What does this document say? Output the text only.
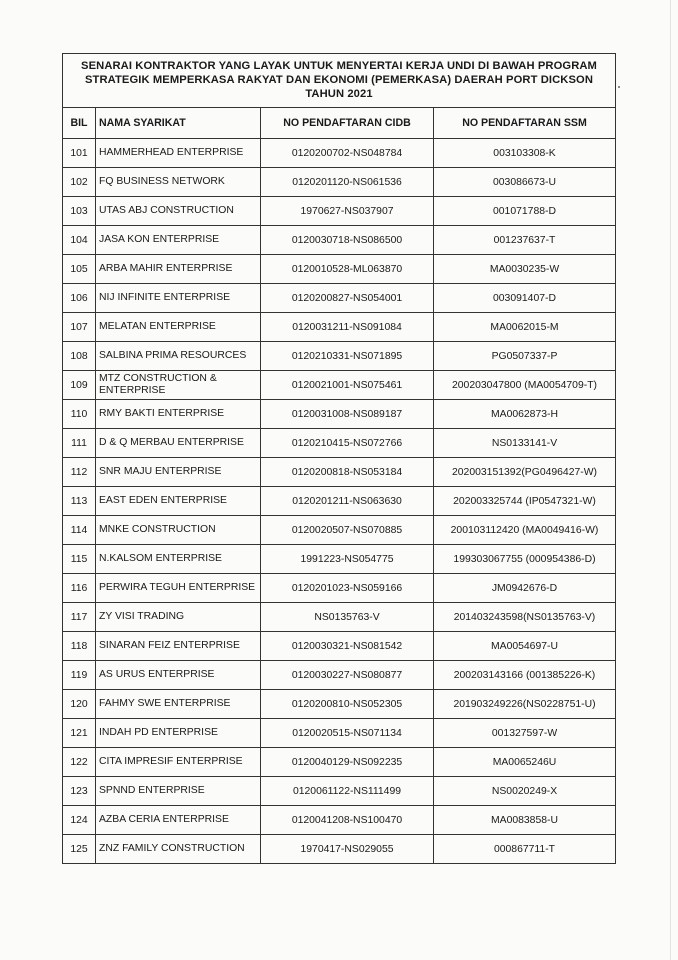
SENARAI KONTRAKTOR YANG LAYAK UNTUK MENYERTAI KERJA UNDI DI BAWAH PROGRAM
STRATEGIK MEMPERKASA RAKYAT DAN EKONOMI (PEMERKASA) DAERAH PORT DICKSON
TAHUN 2021
BIL	NAMA SYARIKAT	NO PENDAFTARAN CIDB	NO PENDAFTARAN SSM
101	HAMMERHEAD ENTERPRISE	0120200702-NS048784	003103308-K
102	FQ BUSINESS NETWORK	0120201120-NS061536	003086673-U
103	UTAS ABJ CONSTRUCTION	1970627-NS037907	001071788-D
104	JASA KON ENTERPRISE	0120030718-NS086500	001237637-T
105	ARBA MAHIR ENTERPRISE	0120010528-ML063870	MA0030235-W
106	NIJ INFINITE ENTERPRISE	0120200827-NS054001	003091407-D
107	MELATAN ENTERPRISE	0120031211-NS091084	MA0062015-M
108	SALBINA PRIMA RESOURCES	0120210331-NS071895	PG0507337-P
109	MTZ CONSTRUCTION & ENTERPRISE	0120021001-NS075461	200203047800 (MA0054709-T)
110	RMY BAKTI ENTERPRISE	0120031008-NS089187	MA0062873-H
111	D & Q MERBAU ENTERPRISE	0120210415-NS072766	NS0133141-V
112	SNR MAJU ENTERPRISE	0120200818-NS053184	202003151392(PG0496427-W)
113	EAST EDEN ENTERPRISE	0120201211-NS063630	202003325744 (IP0547321-W)
114	MNKE CONSTRUCTION	0120020507-NS070885	200103112420 (MA0049416-W)
115	N.KALSOM ENTERPRISE	1991223-NS054775	199303067755 (000954386-D)
116	PERWIRA TEGUH ENTERPRISE	0120201023-NS059166	JM0942676-D
117	ZY VISI TRADING	NS0135763-V	201403243598(NS0135763-V)
118	SINARAN FEIZ ENTERPRISE	0120030321-NS081542	MA0054697-U
119	AS URUS ENTERPRISE	0120030227-NS080877	200203143166 (001385226-K)
120	FAHMY SWE ENTERPRISE	0120200810-NS052305	201903249226(NS0228751-U)
121	INDAH PD ENTERPRISE	0120020515-NS071134	001327597-W
122	CITA IMPRESIF ENTERPRISE	0120040129-NS092235	MA0065246U
123	SPNND ENTERPRISE	0120061122-NS111499	NS0020249-X
124	AZBA CERIA ENTERPRISE	0120041208-NS100470	MA0083858-U
125	ZNZ FAMILY CONSTRUCTION	1970417-NS029055	000867711-T
